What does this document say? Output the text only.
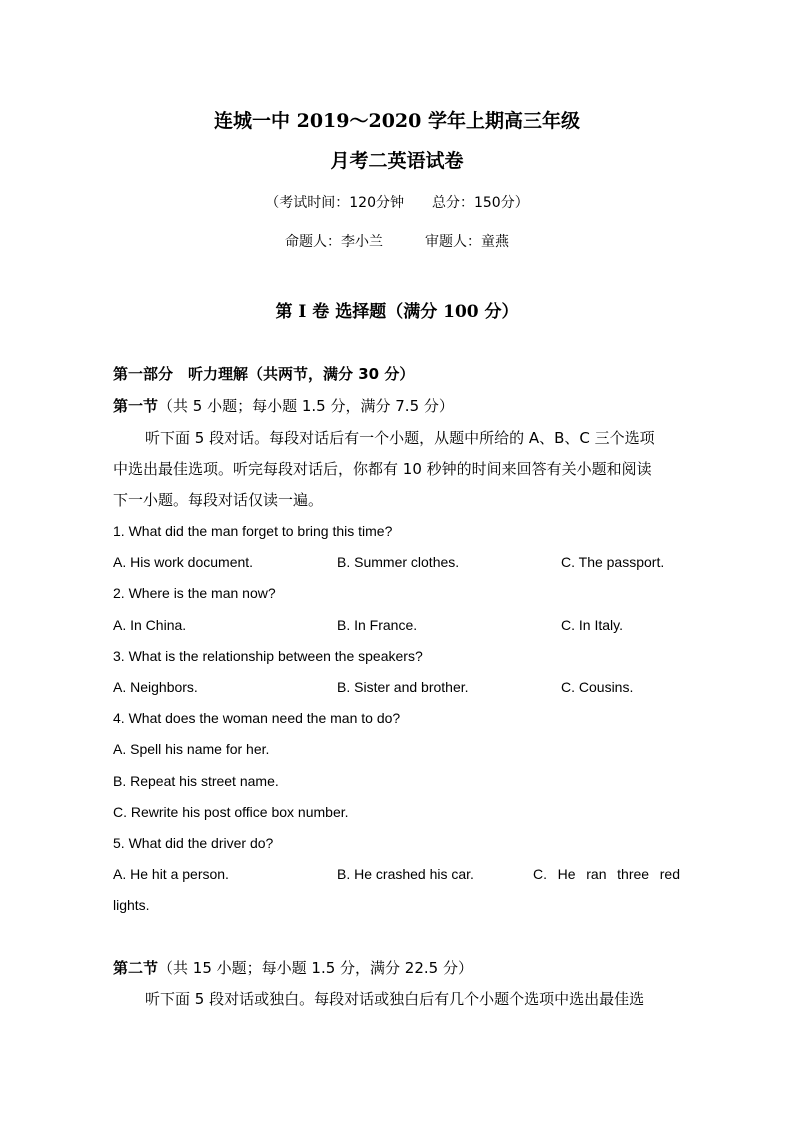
连城一中 2019～2020 学年上期高三年级
月考二英语试卷
（考试时间：120分钟　　总分：150分）
命题人：李小兰　　　审题人：童燕
第 I 卷 选择题（满分 100 分）
第一部分　听力理解（共两节，满分 30 分）
第一节（共 5 小题；每小题 1.5 分，满分 7.5 分）
听下面 5 段对话。每段对话后有一个小题，从题中所给的 A、B、C 三个选项
中选出最佳选项。听完每段对话后，你都有 10 秒钟的时间来回答有关小题和阅读
下一小题。每段对话仅读一遍。
1. What did the man forget to bring this time?
A. His work document.	B. Summer clothes.	C. The passport.
2. Where is the man now?
A. In China.	B. In France.	C. In Italy.
3. What is the relationship between the speakers?
A. Neighbors.	B. Sister and brother.	C. Cousins.
4. What does the woman need the man to do?
A. Spell his name for her.
B. Repeat his street name.
C. Rewrite his post office box number.
5. What did the driver do?
A. He hit a person.	B. He crashed his car.	C. He ran three red
lights.
第二节（共 15 小题；每小题 1.5 分，满分 22.5 分）
听下面 5 段对话或独白。每段对话或独白后有几个小题个选项中选出最佳选
